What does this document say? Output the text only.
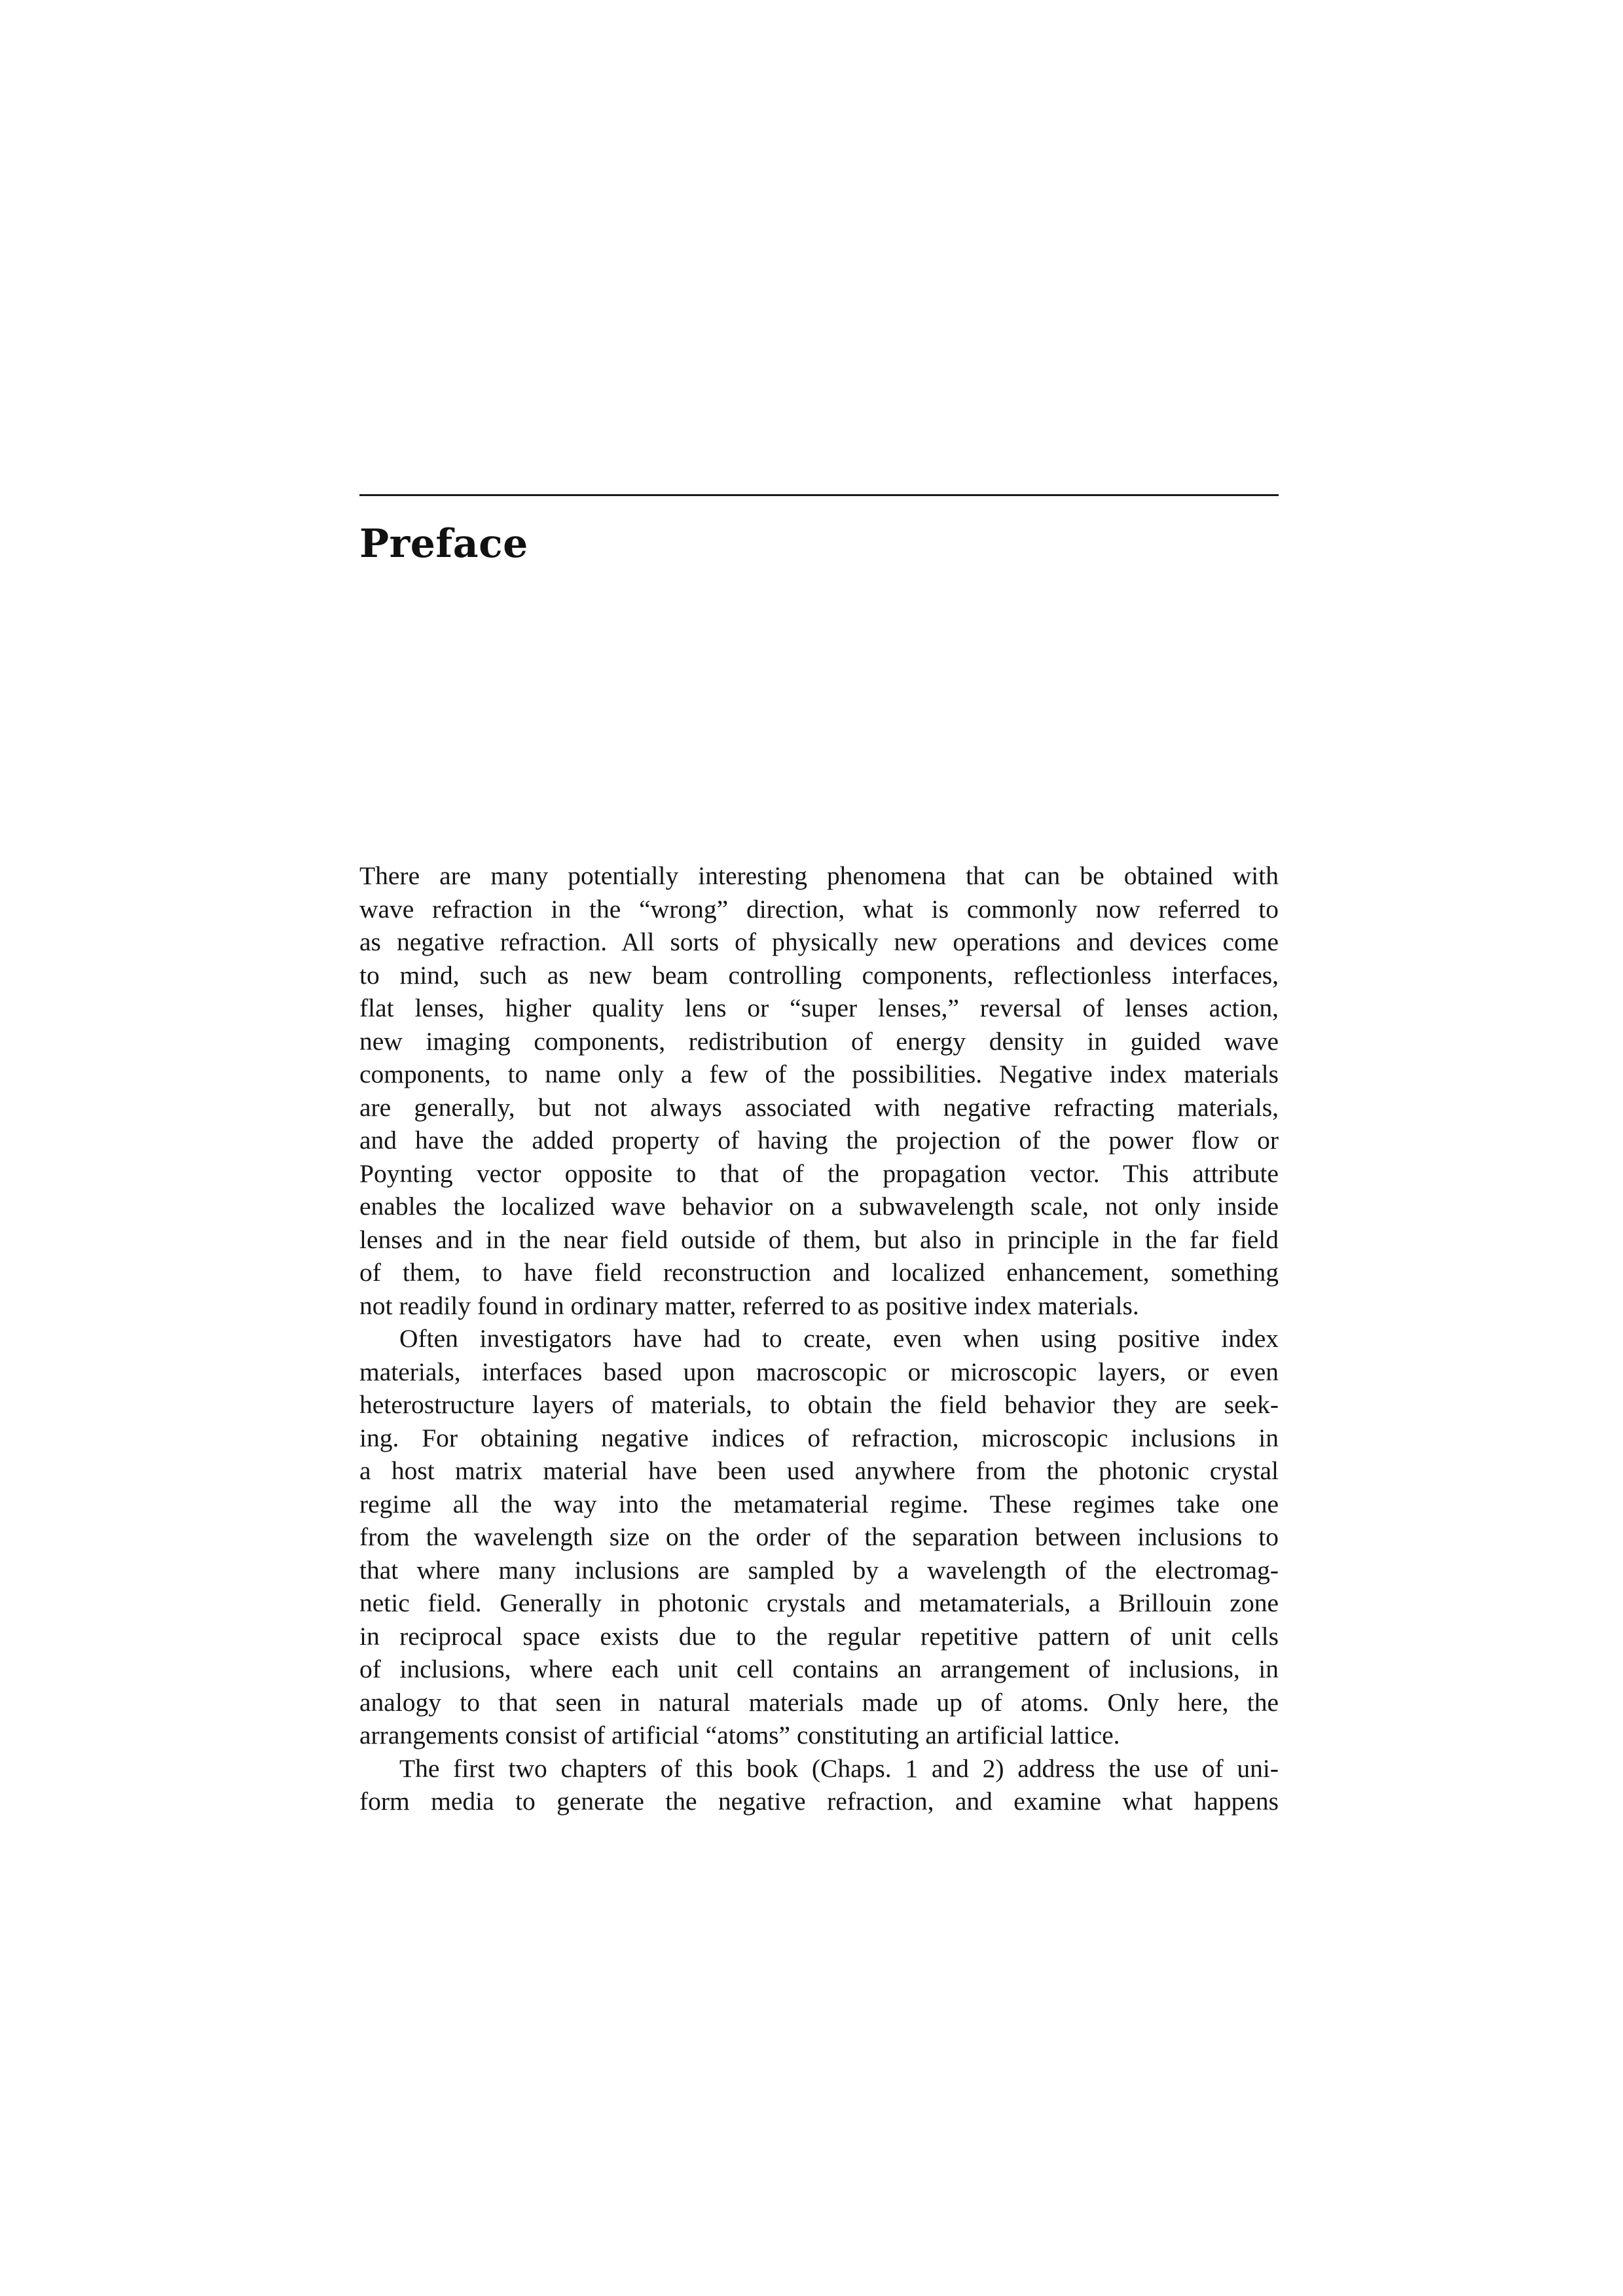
Preface
There are many potentially interesting phenomena that can be obtained with
wave refraction in the “wrong” direction, what is commonly now referred to
as negative refraction. All sorts of physically new operations and devices come
to mind, such as new beam controlling components, reflectionless interfaces,
flat lenses, higher quality lens or “super lenses,” reversal of lenses action,
new imaging components, redistribution of energy density in guided wave
components, to name only a few of the possibilities. Negative index materials
are generally, but not always associated with negative refracting materials,
and have the added property of having the projection of the power flow or
Poynting vector opposite to that of the propagation vector. This attribute
enables the localized wave behavior on a subwavelength scale, not only inside
lenses and in the near field outside of them, but also in principle in the far field
of them, to have field reconstruction and localized enhancement, something
not readily found in ordinary matter, referred to as positive index materials.
Often investigators have had to create, even when using positive index
materials, interfaces based upon macroscopic or microscopic layers, or even
heterostructure layers of materials, to obtain the field behavior they are seek-
ing. For obtaining negative indices of refraction, microscopic inclusions in
a host matrix material have been used anywhere from the photonic crystal
regime all the way into the metamaterial regime. These regimes take one
from the wavelength size on the order of the separation between inclusions to
that where many inclusions are sampled by a wavelength of the electromag-
netic field. Generally in photonic crystals and metamaterials, a Brillouin zone
in reciprocal space exists due to the regular repetitive pattern of unit cells
of inclusions, where each unit cell contains an arrangement of inclusions, in
analogy to that seen in natural materials made up of atoms. Only here, the
arrangements consist of artificial “atoms” constituting an artificial lattice.
The first two chapters of this book (Chaps. 1 and 2) address the use of uni-
form media to generate the negative refraction, and examine what happens
